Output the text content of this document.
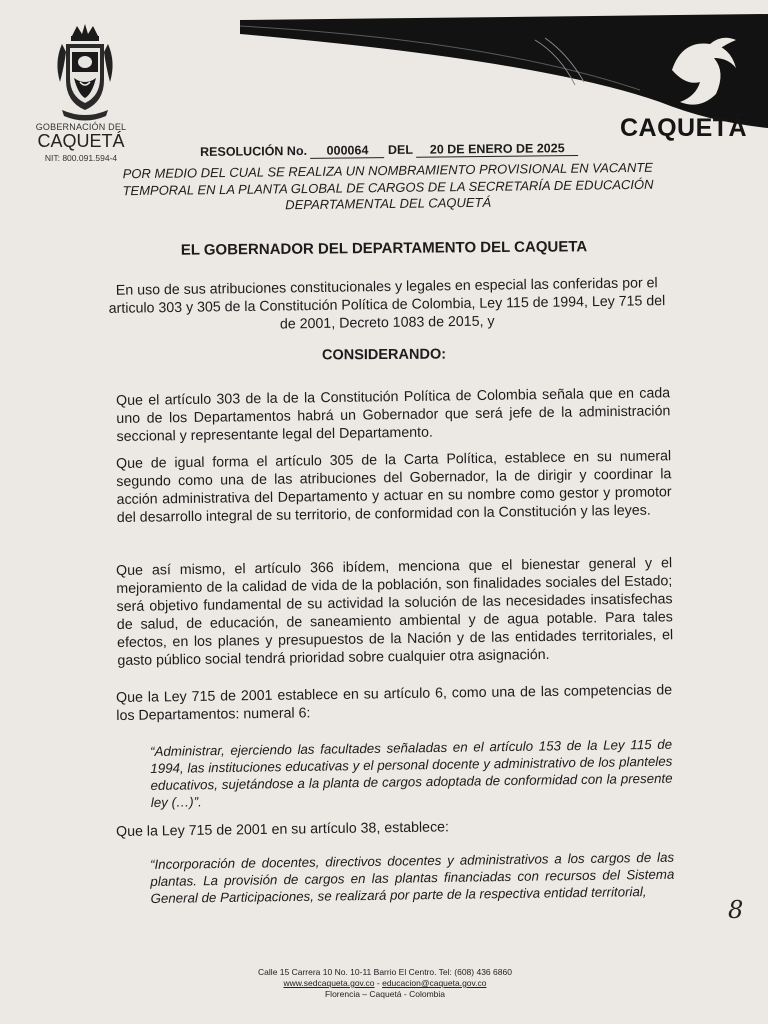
GOBERNACIÓN DEL
CAQUETÁ
NIT: 800.091.594-4
CAQUETÁ
RESOLUCIÓN No. 000064 DEL 20 DE ENERO DE 2025
POR MEDIO DEL CUAL SE REALIZA UN NOMBRAMIENTO PROVISIONAL EN VACANTE TEMPORAL EN LA PLANTA GLOBAL DE CARGOS DE LA SECRETARÍA DE EDUCACIÓN DEPARTAMENTAL DEL CAQUETÁ
EL GOBERNADOR DEL DEPARTAMENTO DEL CAQUETA
En uso de sus atribuciones constitucionales y legales en especial las conferidas por el articulo 303 y 305 de la Constitución Política de Colombia, Ley 115 de 1994, Ley 715 del de 2001, Decreto 1083 de 2015, y
CONSIDERANDO:
Que el artículo 303 de la de la Constitución Política de Colombia señala que en cada uno de los Departamentos habrá un Gobernador que será jefe de la administración seccional y representante legal del Departamento.
Que de igual forma el artículo 305 de la Carta Política, establece en su numeral segundo como una de las atribuciones del Gobernador, la de dirigir y coordinar la acción administrativa del Departamento y actuar en su nombre como gestor y promotor del desarrollo integral de su territorio, de conformidad con la Constitución y las leyes.
Que así mismo, el artículo 366 ibídem, menciona que el bienestar general y el mejoramiento de la calidad de vida de la población, son finalidades sociales del Estado; será objetivo fundamental de su actividad la solución de las necesidades insatisfechas de salud, de educación, de saneamiento ambiental y de agua potable. Para tales efectos, en los planes y presupuestos de la Nación y de las entidades territoriales, el gasto público social tendrá prioridad sobre cualquier otra asignación.
Que la Ley 715 de 2001 establece en su artículo 6, como una de las competencias de los Departamentos: numeral 6:
“Administrar, ejerciendo las facultades señaladas en el artículo 153 de la Ley 115 de 1994, las instituciones educativas y el personal docente y administrativo de los planteles educativos, sujetándose a la planta de cargos adoptada de conformidad con la presente ley (…)”.
Que la Ley 715 de 2001 en su artículo 38, establece:
“Incorporación de docentes, directivos docentes y administrativos a los cargos de las plantas. La provisión de cargos en las plantas financiadas con recursos del Sistema General de Participaciones, se realizará por parte de la respectiva entidad territorial,
8
Calle 15 Carrera 10 No. 10-11 Barrio El Centro. Tel: (608) 436 6860
www.sedcaqueta.gov.co - educacion@caqueta.gov.co
Florencia – Caquetá - Colombia
